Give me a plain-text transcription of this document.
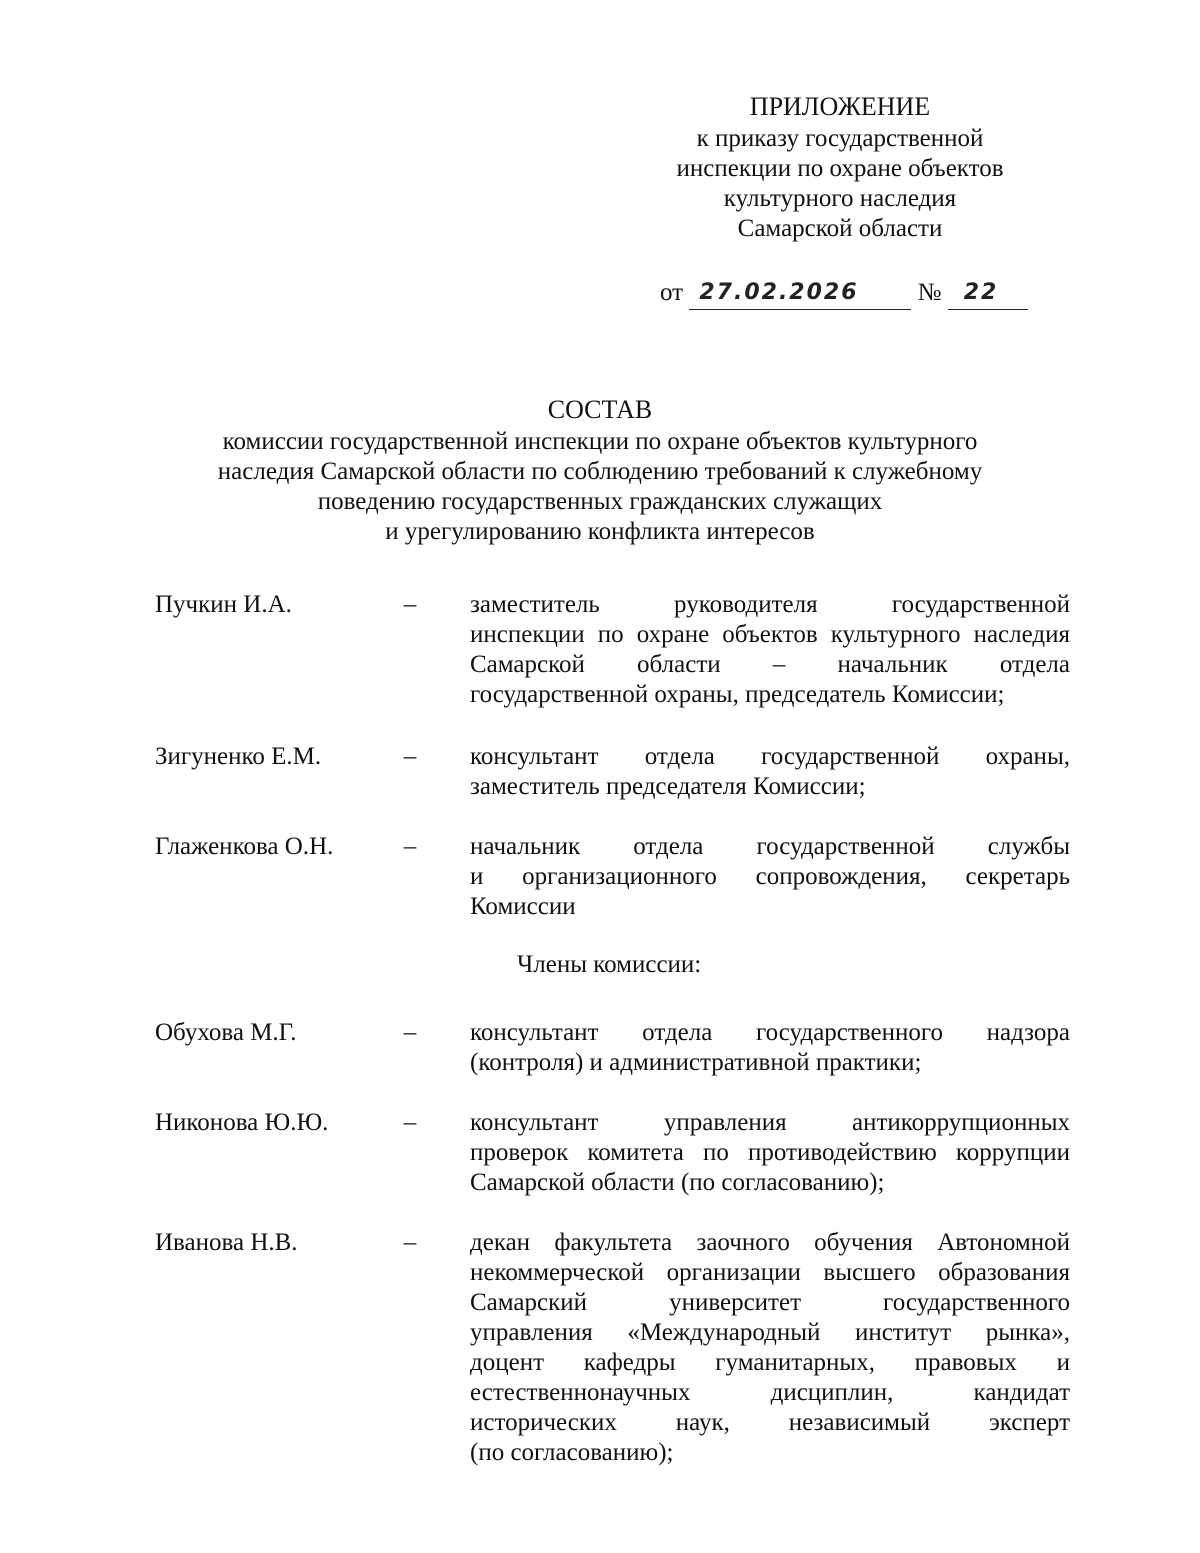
ПРИЛОЖЕНИЕ
к приказу государственной
инспекции по охране объектов
культурного наследия
Самарской области
от 27.02.2026 № 22
СОСТАВ
комиссии государственной инспекции по охране объектов культурного
наследия Самарской области по соблюдению требований к служебному
поведению государственных гражданских служащих
и урегулированию конфликта интересов
Пучкин И.А.	– заместитель руководителя государственной
инспекции по охране объектов культурного наследия
Самарской области – начальник отдела
государственной охраны, председатель Комиссии;
Зигуненко Е.М.	– консультант отдела государственной охраны,
заместитель председателя Комиссии;
Глаженкова О.Н.	– начальник отдела государственной службы
и организационного сопровождения, секретарь
Комиссии
Члены комиссии:
Обухова М.Г.	– консультант отдела государственного надзора
(контроля) и административной практики;
Никонова Ю.Ю.	– консультант управления антикоррупционных
проверок комитета по противодействию коррупции
Самарской области (по согласованию);
Иванова Н.В.	– декан факультета заочного обучения Автономной
некоммерческой организации высшего образования
Самарский университет государственного
управления «Международный институт рынка»,
доцент кафедры гуманитарных, правовых и
естественнонаучных дисциплин, кандидат
исторических наук, независимый эксперт
(по согласованию);
